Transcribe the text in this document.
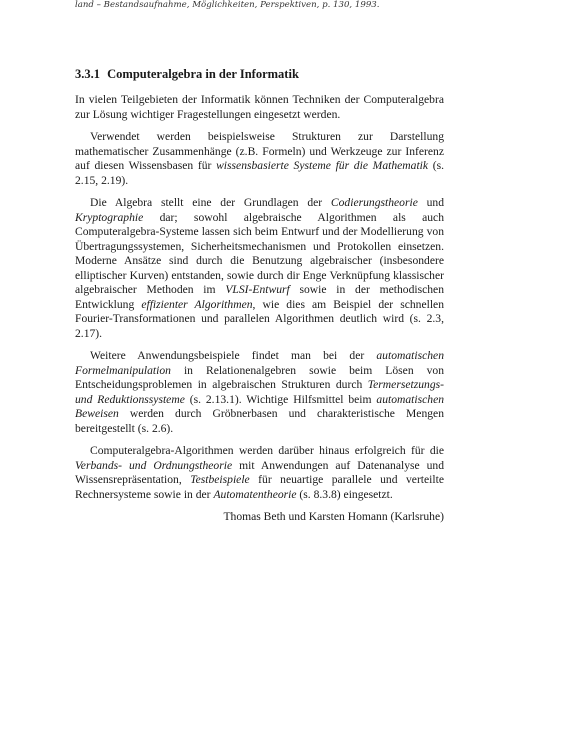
land – Bestandsaufnahme, Möglichkeiten, Perspektiven, p. 130, 1993.
3.3.1 Computeralgebra in der Informatik

In vielen Teilgebieten der Informatik können Techniken der Computeralgebra zur Lösung wichtiger Fragestellungen eingesetzt werden.

Verwendet werden beispielsweise Strukturen zur Darstellung mathematischer Zusammenhänge (z.B. Formeln) und Werkzeuge zur Inferenz auf diesen Wissensbasen für wissensbasierte Systeme für die Mathematik (s. 2.15, 2.19).

Die Algebra stellt eine der Grundlagen der Codierungstheorie und Kryptographie dar; sowohl algebraische Algorithmen als auch Computeralgebra-Systeme lassen sich beim Entwurf und der Modellierung von Übertragungssystemen, Sicherheitsmechanismen und Protokollen einsetzen. Moderne Ansätze sind durch die Benutzung algebraischer (insbesondere elliptischer Kurven) entstanden, sowie durch dir Enge Verknüpfung klassischer algebraischer Methoden im VLSI-Entwurf sowie in der methodischen Entwicklung effizienter Algorithmen, wie dies am Beispiel der schnellen Fourier-Transformationen und parallelen Algorithmen deutlich wird (s. 2.3, 2.17).

Weitere Anwendungsbeispiele findet man bei der automatischen Formelmanipulation in Relationenalgebren sowie beim Lösen von Entscheidungsproblemen in algebraischen Strukturen durch Termersetzungs- und Reduktionssysteme (s. 2.13.1). Wichtige Hilfsmittel beim automatischen Beweisen werden durch Gröbnerbasen und charakteristische Mengen bereitgestellt (s. 2.6).

Computeralgebra-Algorithmen werden darüber hinaus erfolgreich für die Verbands- und Ordnungstheorie mit Anwendungen auf Datenanalyse und Wissensrepräsentation, Testbeispiele für neuartige parallele und verteilte Rechnersysteme sowie in der Automatentheorie (s. 8.3.8) eingesetzt.

Thomas Beth und Karsten Homann (Karlsruhe)
